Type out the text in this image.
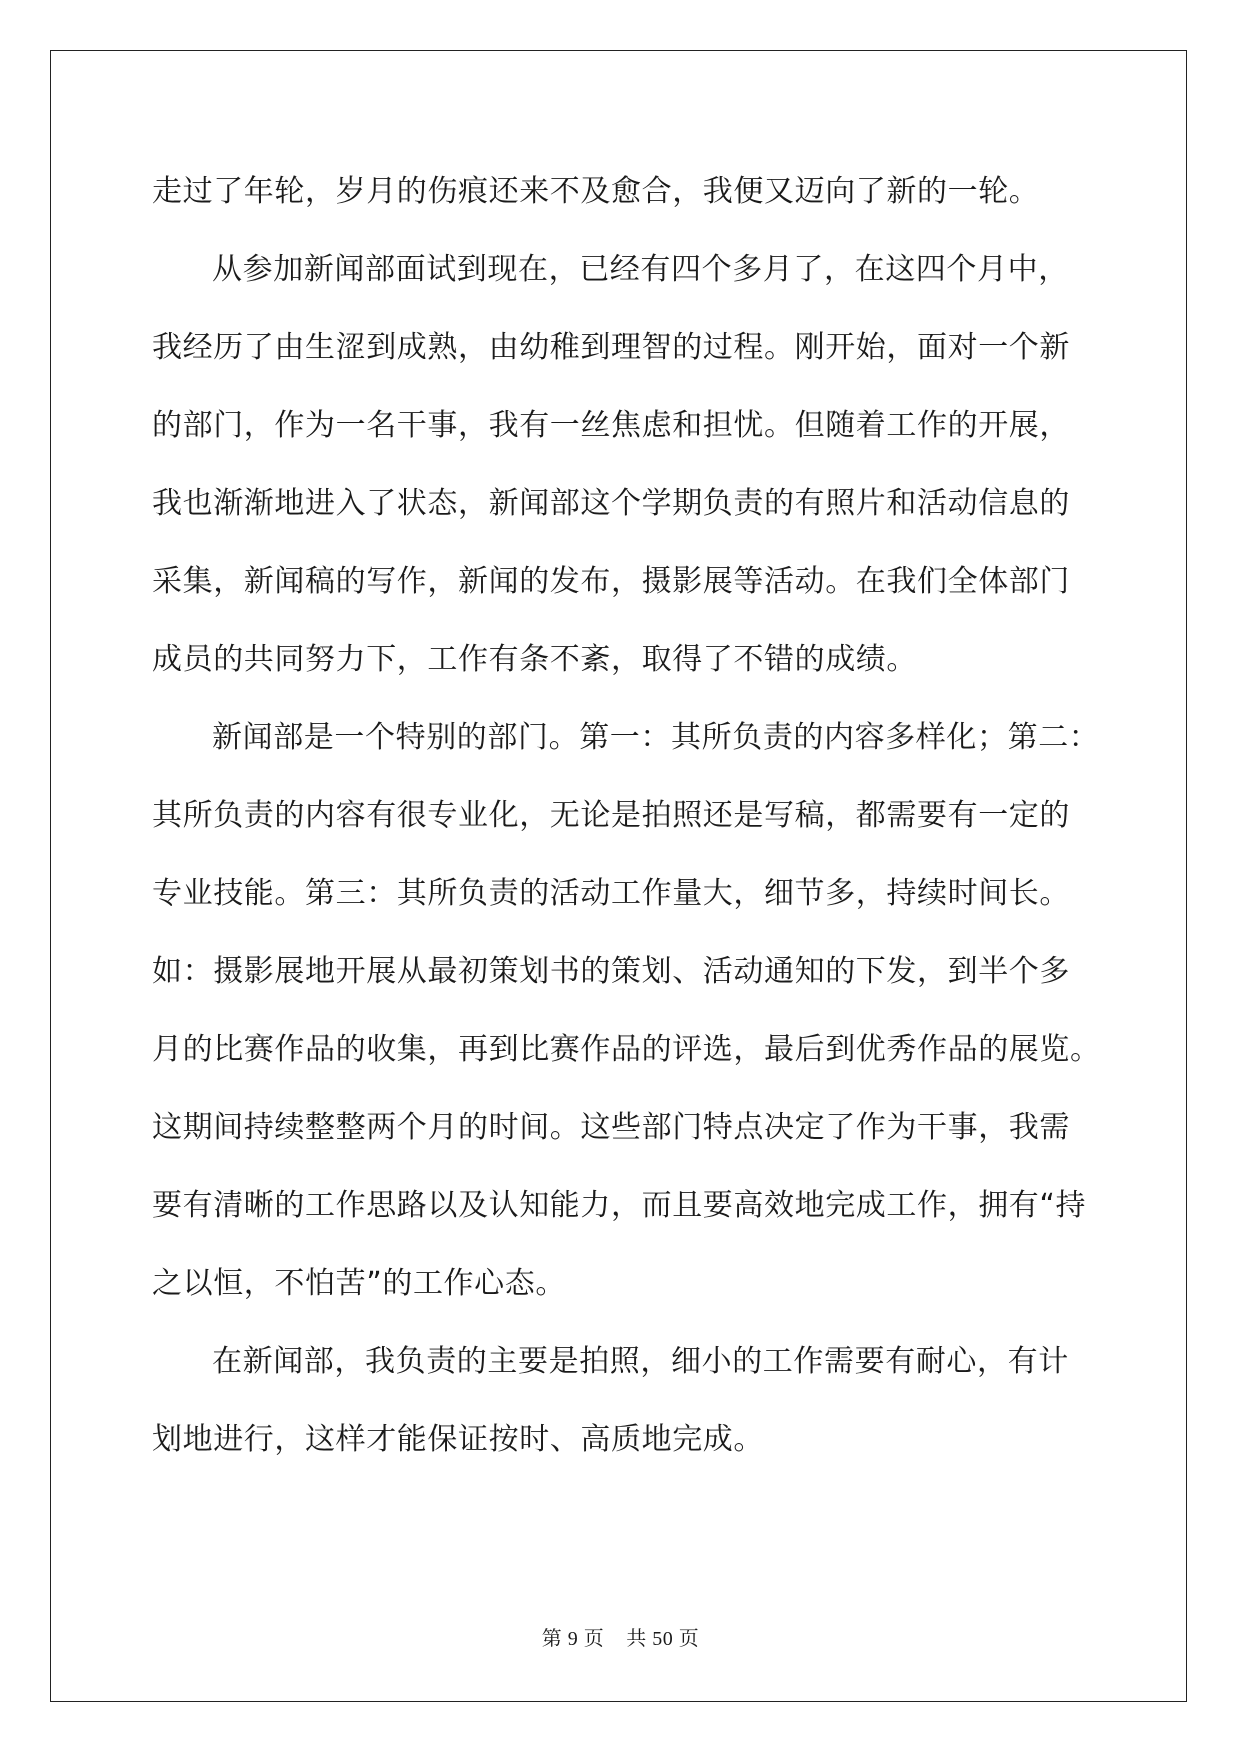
走过了年轮，岁月的伤痕还来不及愈合，我便又迈向了新的一轮。
从参加新闻部面试到现在，已经有四个多月了，在这四个月中，
我经历了由生涩到成熟，由幼稚到理智的过程。刚开始，面对一个新
的部门，作为一名干事，我有一丝焦虑和担忧。但随着工作的开展，
我也渐渐地进入了状态，新闻部这个学期负责的有照片和活动信息的
采集，新闻稿的写作，新闻的发布，摄影展等活动。在我们全体部门
成员的共同努力下，工作有条不紊，取得了不错的成绩。
新闻部是一个特别的部门。第一：其所负责的内容多样化；第二：
其所负责的内容有很专业化，无论是拍照还是写稿，都需要有一定的
专业技能。第三：其所负责的活动工作量大，细节多，持续时间长。
如：摄影展地开展从最初策划书的策划、活动通知的下发，到半个多
月的比赛作品的收集，再到比赛作品的评选，最后到优秀作品的展览。
这期间持续整整两个月的时间。这些部门特点决定了作为干事，我需
要有清晰的工作思路以及认知能力，而且要高效地完成工作，拥有“持
之以恒，不怕苦”的工作心态。
在新闻部，我负责的主要是拍照，细小的工作需要有耐心，有计
划地进行，这样才能保证按时、高质地完成。
第 9 页    共 50 页
